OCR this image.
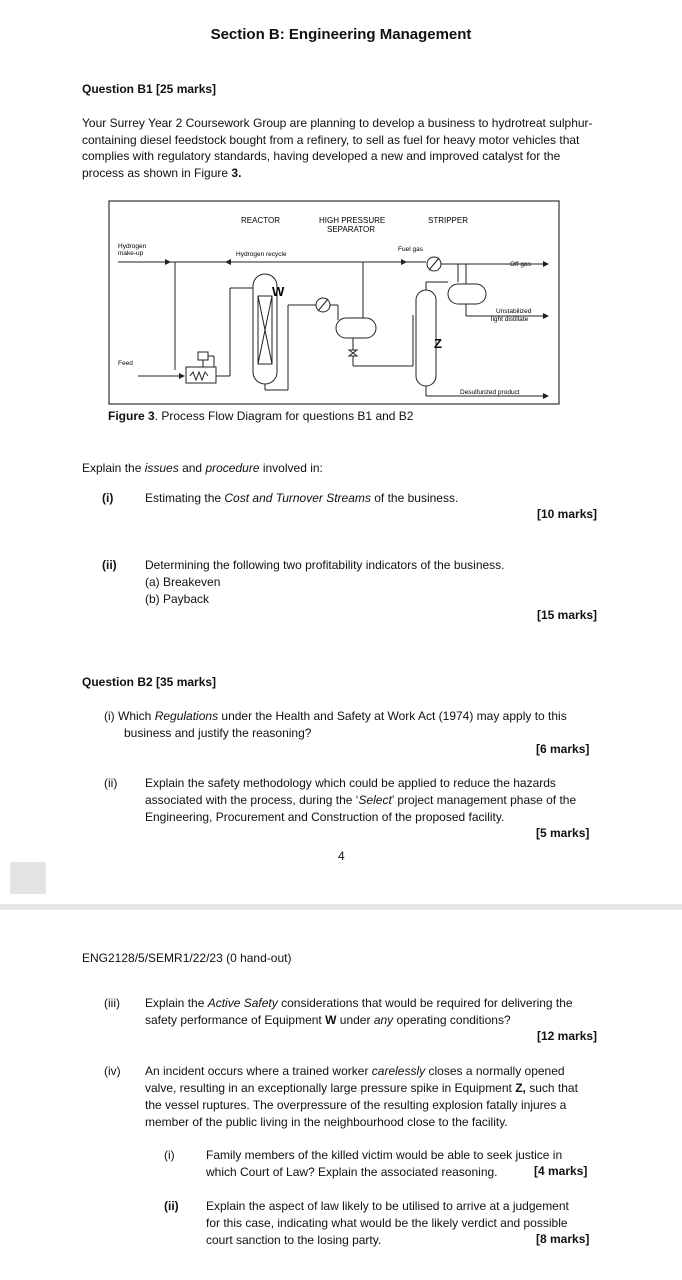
Section B: Engineering Management
Question B1 [25 marks]
Your Surrey Year 2 Coursework Group are planning to develop a business to hydrotreat sulphur-containing diesel feedstock bought from a refinery, to sell as fuel for heavy motor vehicles that complies with regulatory standards, having developed a new and improved catalyst for the process as shown in Figure 3.
REACTOR	HIGH PRESSURE
SEPARATOR
STRIPPER
Hydrogen
make-up	Hydrogen recycle
Fuel gas
Off gas
Unstabilized
light distillate
Feed
Desulfurized product
W
Z
Figure 3. Process Flow Diagram for questions B1 and B2
Explain the issues and procedure involved in:
(i)	Estimating the Cost and Turnover Streams of the business.
[10 marks]
(ii) Determining the following two profitability indicators of the business.
(a) Breakeven
(b) Payback
[15 marks]
Question B2 [35 marks]
(i) Which Regulations under the Health and Safety at Work Act (1974) may apply to this
business and justify the reasoning?
[6 marks]
(ii) Explain the safety methodology which could be applied to reduce the hazards
associated with the process, during the ‘Select’ project management phase of the
Engineering, Procurement and Construction of the proposed facility.
[5 marks]
4
ENG2128/5/SEMR1/22/23 (0 hand-out)
(iii) Explain the Active Safety considerations that would be required for delivering the
safety performance of Equipment W under any operating conditions?
[12 marks]
(iv) An incident occurs where a trained worker carelessly closes a normally opened
valve, resulting in an exceptionally large pressure spike in Equipment Z, such that
the vessel ruptures. The overpressure of the resulting explosion fatally injures a
member of the public living in the neighbourhood close to the facility.
(i)	Family members of the killed victim would be able to seek justice in
which Court of Law? Explain the associated reasoning.	[4 marks]
(ii) Explain the aspect of law likely to be utilised to arrive at a judgement
for this case, indicating what would be the likely verdict and possible
court sanction to the losing party.	[8 marks]
